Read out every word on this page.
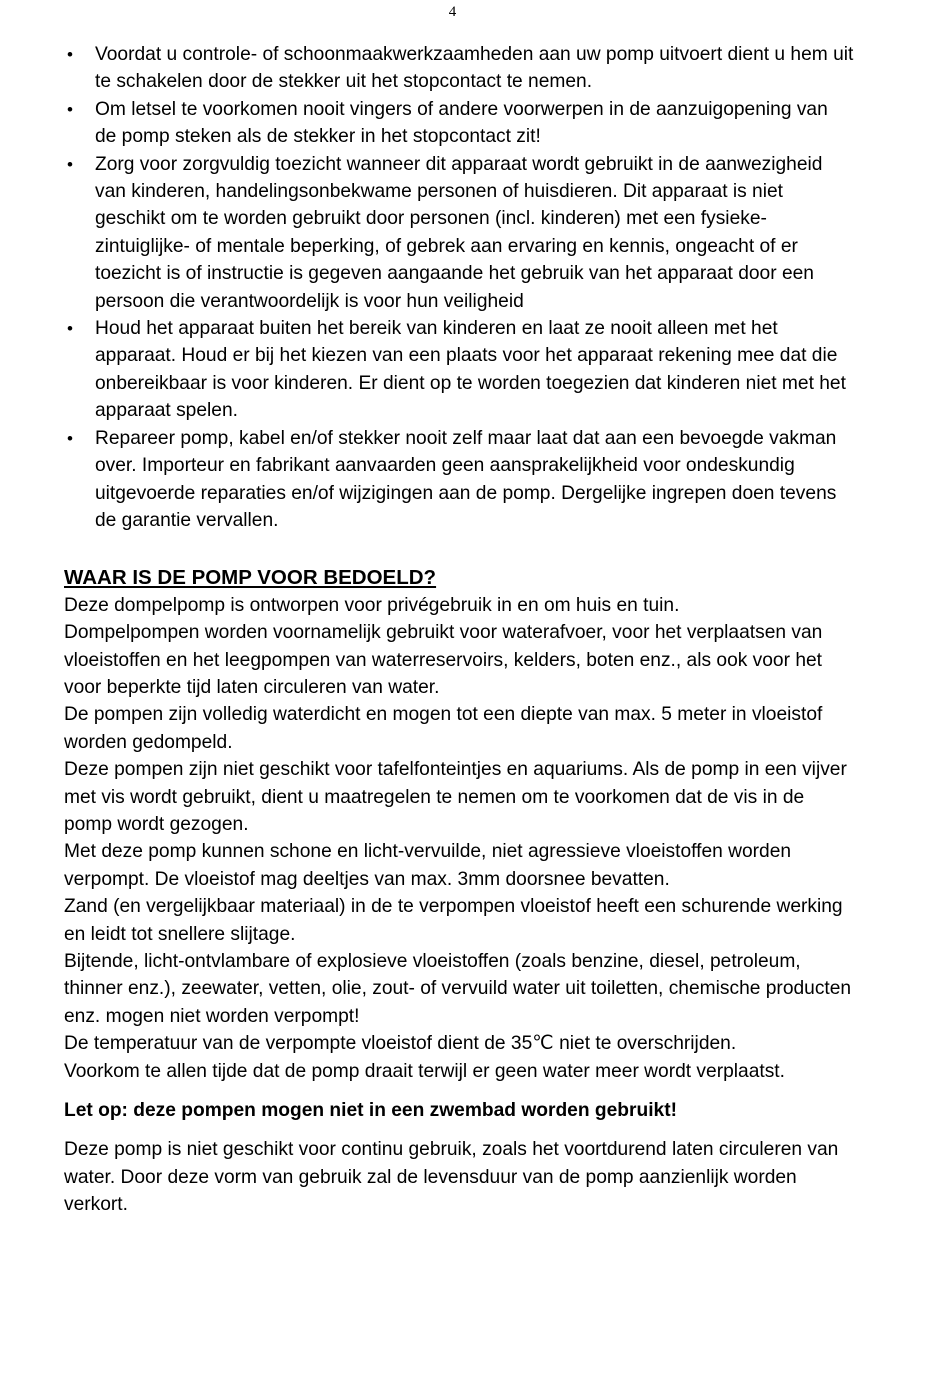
4
• Voordat u controle- of schoonmaakwerkzaamheden aan uw pomp uitvoert dient u hem uit te schakelen door de stekker uit het stopcontact te nemen.
• Om letsel te voorkomen nooit vingers of andere voorwerpen in de aanzuigopening van de pomp steken als de stekker in het stopcontact zit!
• Zorg voor zorgvuldig toezicht wanneer dit apparaat wordt gebruikt in de aanwezigheid van kinderen, handelingsonbekwame personen of huisdieren. Dit apparaat is niet geschikt om te worden gebruikt door personen (incl. kinderen) met een fysieke- zintuiglijke- of mentale beperking, of gebrek aan ervaring en kennis, ongeacht of er toezicht is of instructie is gegeven aangaande het gebruik van het apparaat door een persoon die verantwoordelijk is voor hun veiligheid
• Houd het apparaat buiten het bereik van kinderen en laat ze nooit alleen met het apparaat. Houd er bij het kiezen van een plaats voor het apparaat rekening mee dat die onbereikbaar is voor kinderen. Er dient op te worden toegezien dat kinderen niet met het apparaat spelen.
• Repareer pomp, kabel en/of stekker nooit zelf maar laat dat aan een bevoegde vakman over. Importeur en fabrikant aanvaarden geen aansprakelijkheid voor ondeskundig uitgevoerde reparaties en/of wijzigingen aan de pomp. Dergelijke ingrepen doen tevens de garantie vervallen.
WAAR IS DE POMP VOOR BEDOELD?

Deze dompelpomp is ontworpen voor privégebruik in en om huis en tuin.

Dompelpompen worden voornamelijk gebruikt voor waterafvoer, voor het verplaatsen van vloeistoffen en het leegpompen van waterreservoirs, kelders, boten enz., als ook voor het voor beperkte tijd laten circuleren van water.

De pompen zijn volledig waterdicht en mogen tot een diepte van max. 5 meter in vloeistof worden gedompeld.

Deze pompen zijn niet geschikt voor tafelfonteintjes en aquariums. Als de pomp in een vijver met vis wordt gebruikt, dient u maatregelen te nemen om te voorkomen dat de vis in de pomp wordt gezogen.

Met deze pomp kunnen schone en licht-vervuilde, niet agressieve vloeistoffen worden verpompt. De vloeistof mag deeltjes van max. 3mm doorsnee bevatten.

Zand (en vergelijkbaar materiaal) in de te verpompen vloeistof heeft een schurende werking en leidt tot snellere slijtage.

Bijtende, licht-ontvlambare of explosieve vloeistoffen (zoals benzine, diesel, petroleum, thinner enz.), zeewater, vetten, olie, zout- of vervuild water uit toiletten, chemische producten enz. mogen niet worden verpompt!

De temperatuur van de verpompte vloeistof dient de 35℃ niet te overschrijden.

Voorkom te allen tijde dat de pomp draait terwijl er geen water meer wordt verplaatst.

Let op: deze pompen mogen niet in een zwembad worden gebruikt!

Deze pomp is niet geschikt voor continu gebruik, zoals het voortdurend laten circuleren van water. Door deze vorm van gebruik zal de levensduur van de pomp aanzienlijk worden verkort.
